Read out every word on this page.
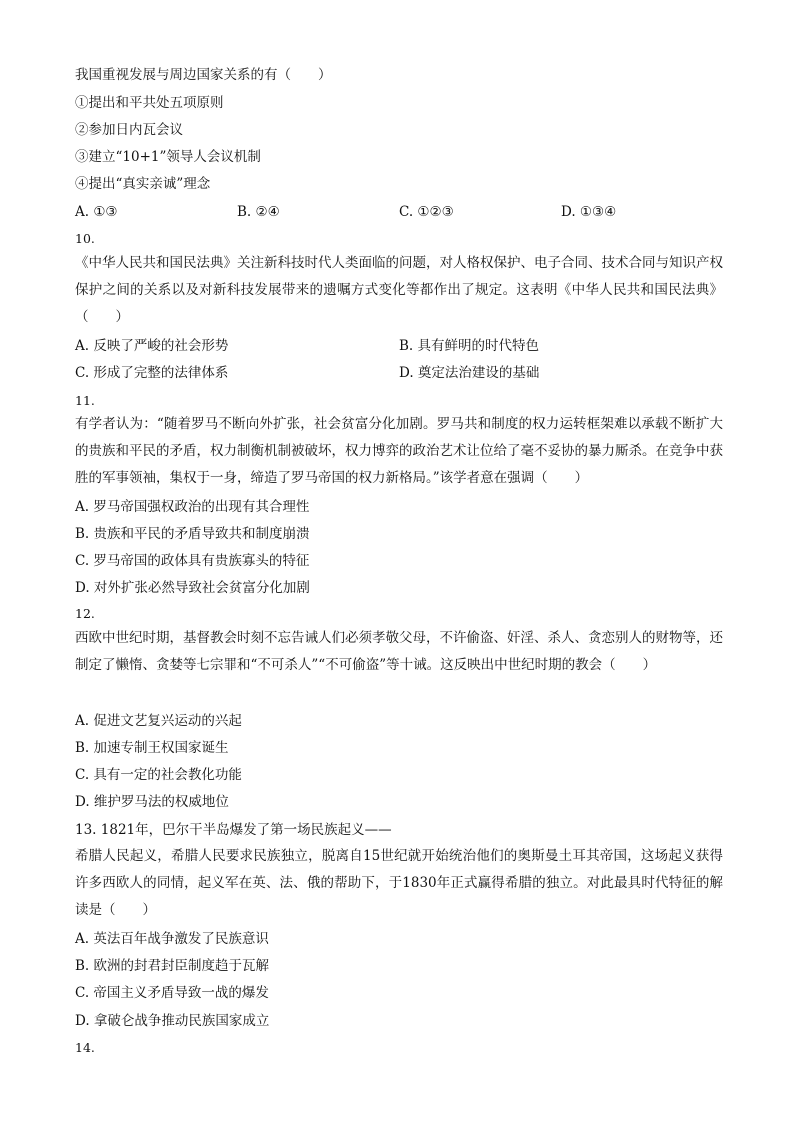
我国重视发展与周边国家关系的有（　　）
①提出和平共处五项原则
②参加日内瓦会议
③建立“10+1”领导人会议机制
④提出“真实亲诚”理念
A. ①③	B. ②④	C. ①②③	D. ①③④
10.
《中华人民共和国民法典》关注新科技时代人类面临的问题，对人格权保护、电子合同、技术合同与知识产权保护之间的关系以及对新科技发展带来的遗嘱方式变化等都作出了规定。这表明《中华人民共和国民法典》（　　）
A. 反映了严峻的社会形势	B. 具有鲜明的时代特色
C. 形成了完整的法律体系	D. 奠定法治建设的基础
11.
有学者认为：“随着罗马不断向外扩张，社会贫富分化加剧。罗马共和制度的权力运转框架难以承载不断扩大的贵族和平民的矛盾，权力制衡机制被破坏，权力博弈的政治艺术让位给了毫不妥协的暴力厮杀。在竞争中获胜的军事领袖，集权于一身，缔造了罗马帝国的权力新格局。”该学者意在强调（　　）
A. 罗马帝国强权政治的出现有其合理性
B. 贵族和平民的矛盾导致共和制度崩溃
C. 罗马帝国的政体具有贵族寡头的特征
D. 对外扩张必然导致社会贫富分化加剧
12.
西欧中世纪时期，基督教会时刻不忘告诫人们必须孝敬父母，不许偷盗、奸淫、杀人、贪恋别人的财物等，还制定了懒惰、贪婪等七宗罪和“不可杀人”“不可偷盗”等十诫。这反映出中世纪时期的教会（　　）
A. 促进文艺复兴运动的兴起
B. 加速专制王权国家诞生
C. 具有一定的社会教化功能
D. 维护罗马法的权威地位
13. 1821年，巴尔干半岛爆发了第一场民族起义——
希腊人民起义，希腊人民要求民族独立，脱离自15世纪就开始统治他们的奥斯曼土耳其帝国，这场起义获得许多西欧人的同情，起义军在英、法、俄的帮助下，于1830年正式赢得希腊的独立。对此最具时代特征的解读是（　　）
A. 英法百年战争激发了民族意识
B. 欧洲的封君封臣制度趋于瓦解
C. 帝国主义矛盾导致一战的爆发
D. 拿破仑战争推动民族国家成立
14.
